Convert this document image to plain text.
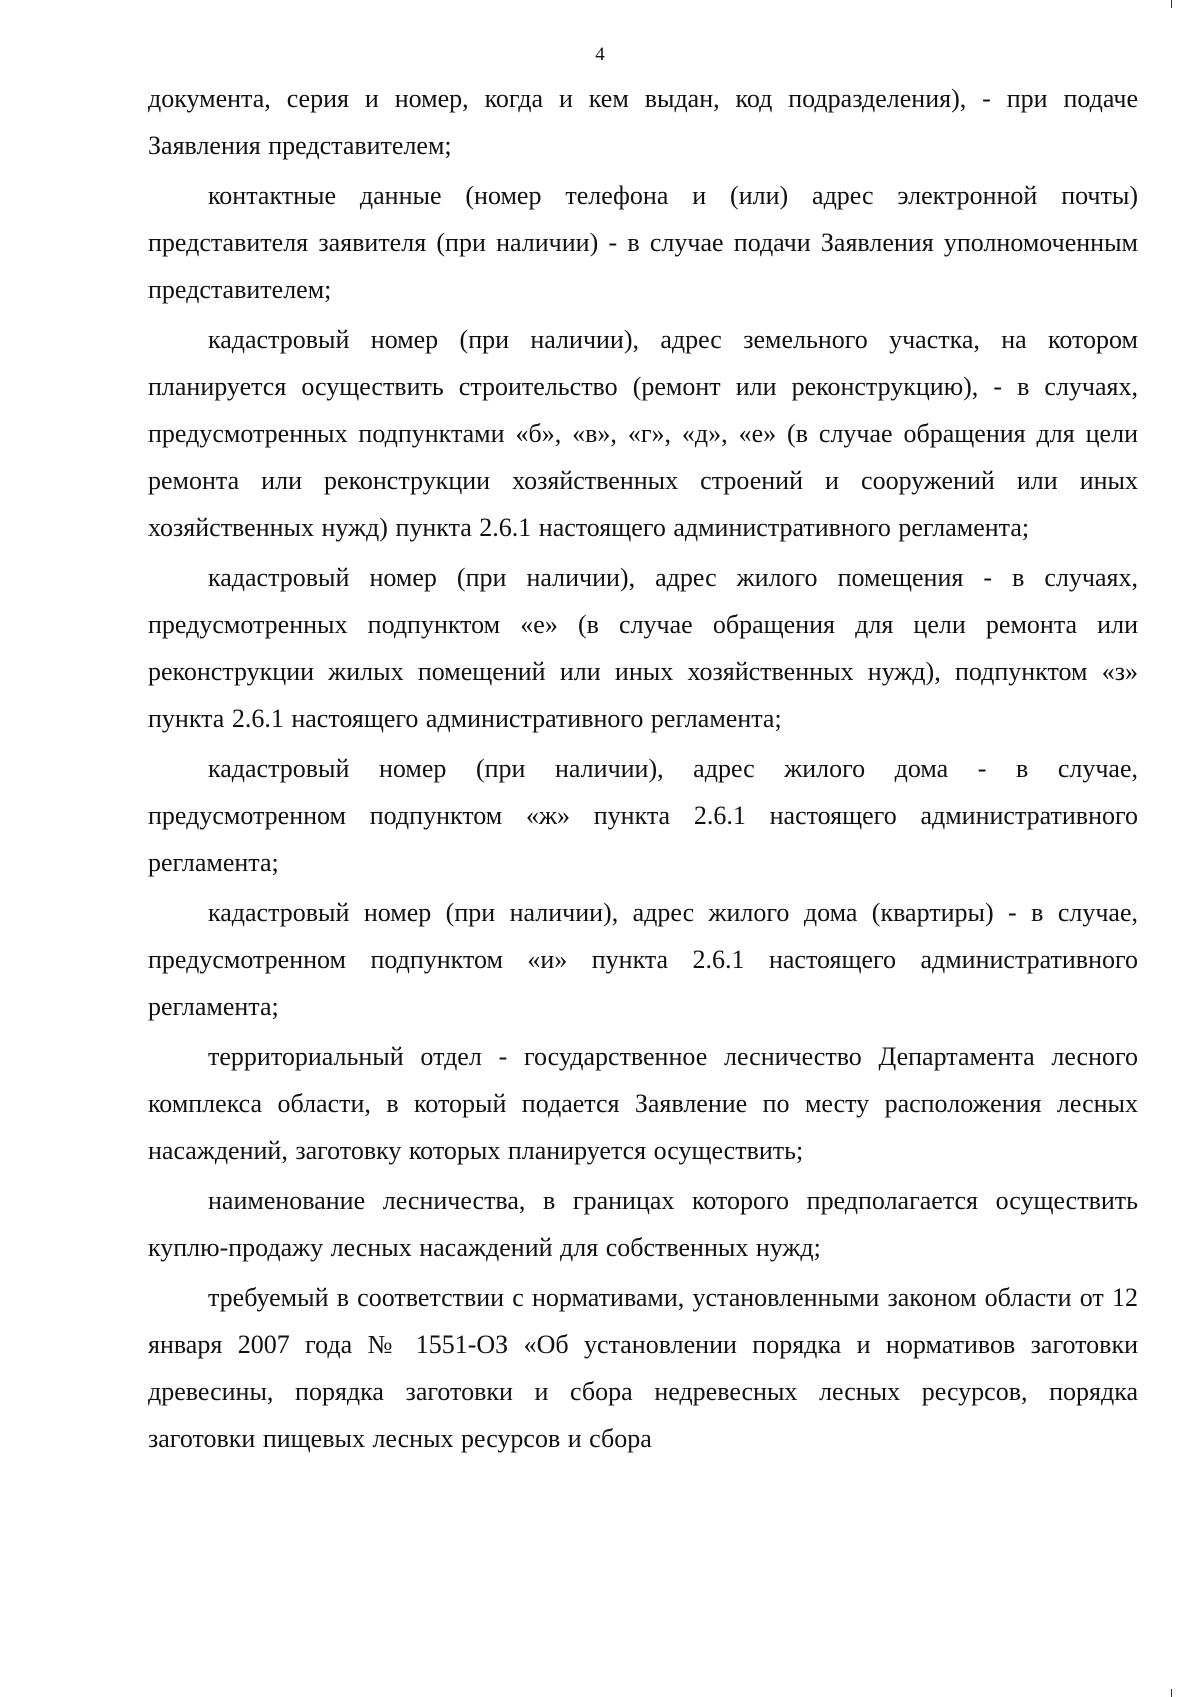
4

документа, серия и номер, когда и кем выдан, код подразделения), - при подаче Заявления представителем;

контактные данные (номер телефона и (или) адрес электронной почты) представителя заявителя (при наличии) - в случае подачи Заявления уполномоченным представителем;

кадастровый номер (при наличии), адрес земельного участка, на котором планируется осуществить строительство (ремонт или реконструкцию), - в случаях, предусмотренных подпунктами «б», «в», «г», «д», «е» (в случае обращения для цели ремонта или реконструкции хозяйственных строений и сооружений или иных хозяйственных нужд) пункта 2.6.1 настоящего административного регламента;

кадастровый номер (при наличии), адрес жилого помещения - в случаях, предусмотренных подпунктом «е» (в случае обращения для цели ремонта или реконструкции жилых помещений или иных хозяйственных нужд), подпунктом «з» пункта 2.6.1 настоящего административного регламента;

кадастровый номер (при наличии), адрес жилого дома - в случае, предусмотренном подпунктом «ж» пункта 2.6.1 настоящего административного регламента;

кадастровый номер (при наличии), адрес жилого дома (квартиры) - в случае, предусмотренном подпунктом «и» пункта 2.6.1 настоящего административного регламента;

территориальный отдел - государственное лесничество Департамента лесного комплекса области, в который подается Заявление по месту расположения лесных насаждений, заготовку которых планируется осуществить;

наименование лесничества, в границах которого предполагается осуществить куплю-продажу лесных насаждений для собственных нужд;

требуемый в соответствии с нормативами, установленными законом области от 12 января 2007 года № 1551-ОЗ «Об установлении порядка и нормативов заготовки древесины, порядка заготовки и сбора недревесных лесных ресурсов, порядка заготовки пищевых лесных ресурсов и сбора
